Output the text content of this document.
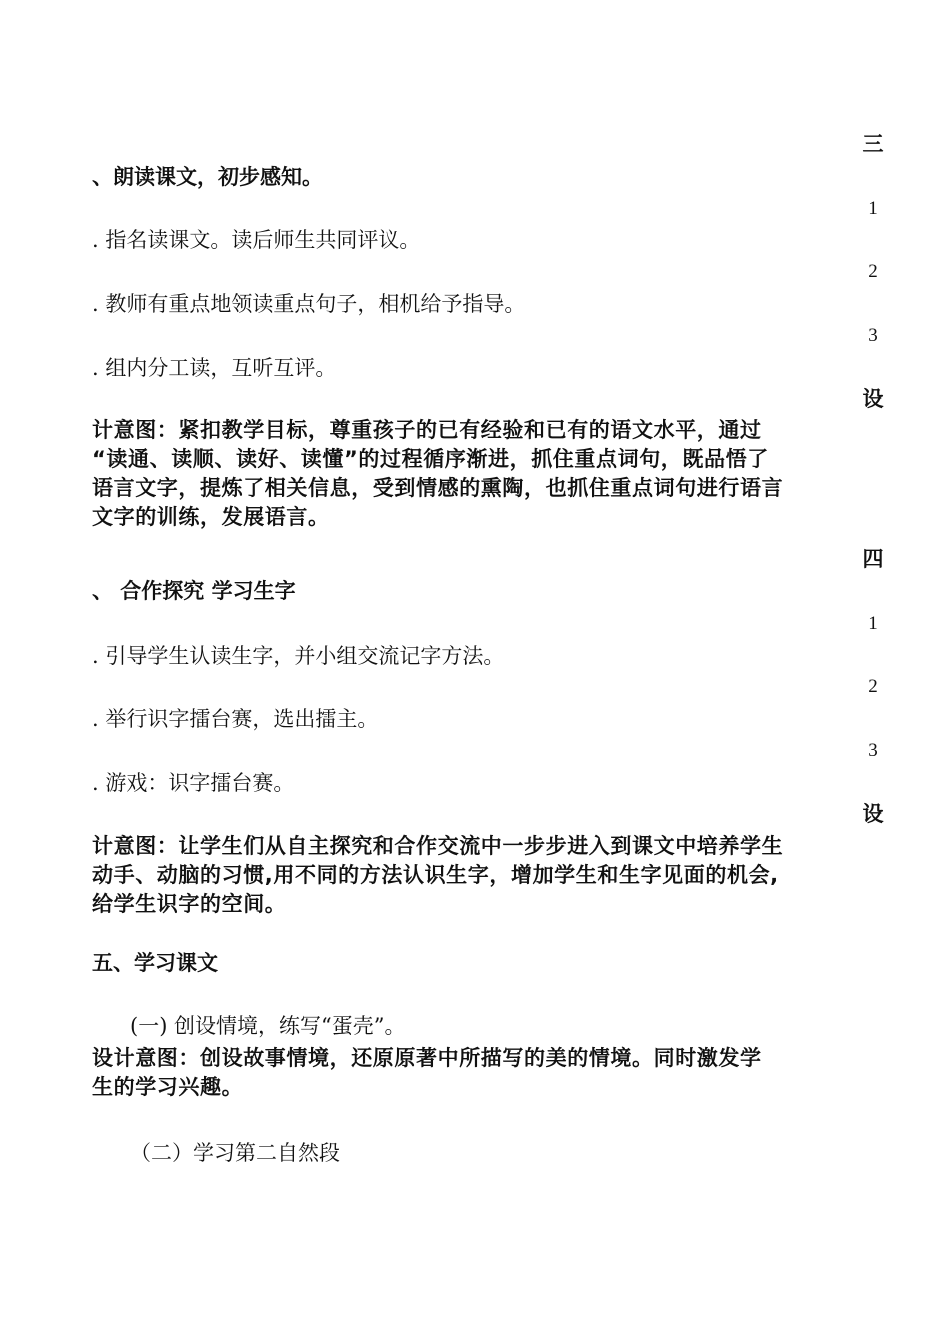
三
1
2
3
设
四
1
2
3
设
、朗读课文，初步感知。
. 指名读课文。读后师生共同评议。
. 教师有重点地领读重点句子，相机给予指导。
. 组内分工读，互听互评。
计意图：紧扣教学目标，尊重孩子的已有经验和已有的语文水平，通过
“读通、读顺、读好、读懂”的过程循序渐进，抓住重点词句，既品悟了
语言文字，提炼了相关信息，受到情感的熏陶，也抓住重点词句进行语言
文字的训练，发展语言。
、 合作探究 学习生字
. 引导学生认读生字，并小组交流记字方法。
. 举行识字擂台赛，选出擂主。
. 游戏：识字擂台赛。
计意图：让学生们从自主探究和合作交流中一步步进入到课文中培养学生
动手、动脑的习惯,用不同的方法认识生字，增加学生和生字见面的机会,
给学生识字的空间。
五、学习课文
(一) 创设情境，练写“蛋壳”。
设计意图：创设故事情境，还原原著中所描写的美的情境。同时激发学
生的学习兴趣。
（二）学习第二自然段
